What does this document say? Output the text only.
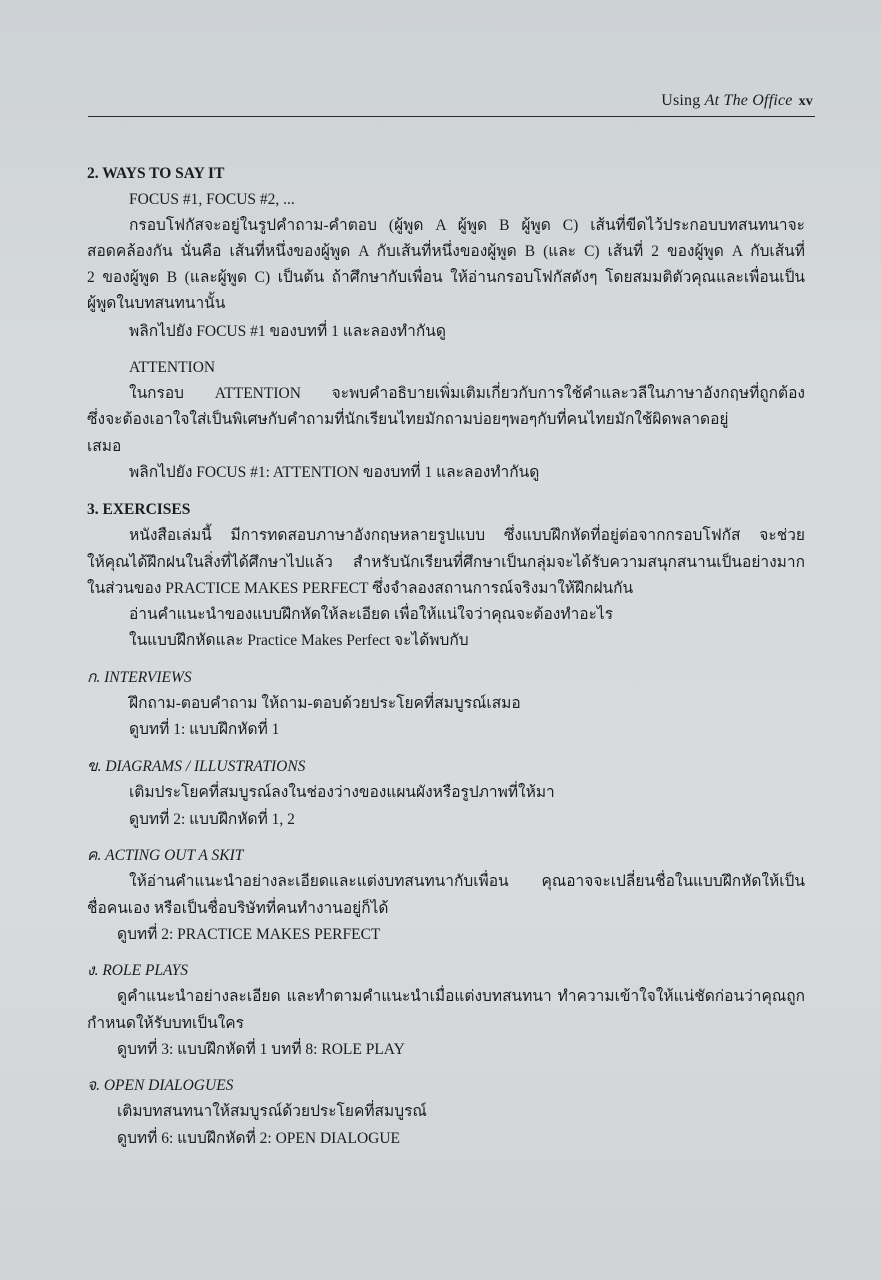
Using At The Office xv
2. WAYS TO SAY IT
FOCUS #1, FOCUS #2, ...
กรอบโฟกัสจะอยู่ในรูปคำถาม-คำตอบ (ผู้พูด A ผู้พูด B ผู้พูด C) เส้นที่ขีดไว้ประกอบบทสนทนาจะ
สอดคล้องกัน นั่นคือ เส้นที่หนึ่งของผู้พูด A กับเส้นที่หนึ่งของผู้พูด B (และ C) เส้นที่ 2 ของผู้พูด A กับเส้นที่
2 ของผู้พูด B (และผู้พูด C) เป็นต้น ถ้าศึกษากับเพื่อน ให้อ่านกรอบโฟกัสดังๆ โดยสมมติตัวคุณและเพื่อนเป็น
ผู้พูดในบทสนทนานั้น
พลิกไปยัง FOCUS #1 ของบทที่ 1 และลองทำกันดู
ATTENTION
ในกรอบ ATTENTION จะพบคำอธิบายเพิ่มเติมเกี่ยวกับการใช้คำและวลีในภาษาอังกฤษที่ถูกต้อง
ซึ่งจะต้องเอาใจใส่เป็นพิเศษกับคำถามที่นักเรียนไทยมักถามบ่อยๆพอๆกับที่คนไทยมักใช้ผิดพลาดอยู่
เสมอ
พลิกไปยัง FOCUS #1: ATTENTION ของบทที่ 1 และลองทำกันดู
3. EXERCISES
หนังสือเล่มนี้ มีการทดสอบภาษาอังกฤษหลายรูปแบบ ซึ่งแบบฝึกหัดที่อยู่ต่อจากกรอบโฟกัส จะช่วย
ให้คุณได้ฝึกฝนในสิ่งที่ได้ศึกษาไปแล้ว สำหรับนักเรียนที่ศึกษาเป็นกลุ่มจะได้รับความสนุกสนานเป็นอย่างมาก
ในส่วนของ PRACTICE MAKES PERFECT ซึ่งจำลองสถานการณ์จริงมาให้ฝึกฝนกัน
อ่านคำแนะนำของแบบฝึกหัดให้ละเอียด เพื่อให้แน่ใจว่าคุณจะต้องทำอะไร
ในแบบฝึกหัดและ Practice Makes Perfect จะได้พบกับ
ก. INTERVIEWS
ฝึกถาม-ตอบคำถาม ให้ถาม-ตอบด้วยประโยคที่สมบูรณ์เสมอ
ดูบทที่ 1: แบบฝึกหัดที่ 1
ข. DIAGRAMS / ILLUSTRATIONS
เติมประโยคที่สมบูรณ์ลงในช่องว่างของแผนผังหรือรูปภาพที่ให้มา
ดูบทที่ 2: แบบฝึกหัดที่ 1, 2
ค. ACTING OUT A SKIT
ให้อ่านคำแนะนำอย่างละเอียดและแต่งบทสนทนากับเพื่อน คุณอาจจะเปลี่ยนชื่อในแบบฝึกหัดให้เป็น
ชื่อคนเอง หรือเป็นชื่อบริษัทที่คนทำงานอยู่ก็ได้
ดูบทที่ 2: PRACTICE MAKES PERFECT
ง. ROLE PLAYS
ดูคำแนะนำอย่างละเอียด และทำตามคำแนะนำเมื่อแต่งบทสนทนา ทำความเข้าใจให้แน่ชัดก่อนว่าคุณถูก
กำหนดให้รับบทเป็นใคร
ดูบทที่ 3: แบบฝึกหัดที่ 1 บทที่ 8: ROLE PLAY
จ. OPEN DIALOGUES
เติมบทสนทนาให้สมบูรณ์ด้วยประโยคที่สมบูรณ์
ดูบทที่ 6: แบบฝึกหัดที่ 2: OPEN DIALOGUE
